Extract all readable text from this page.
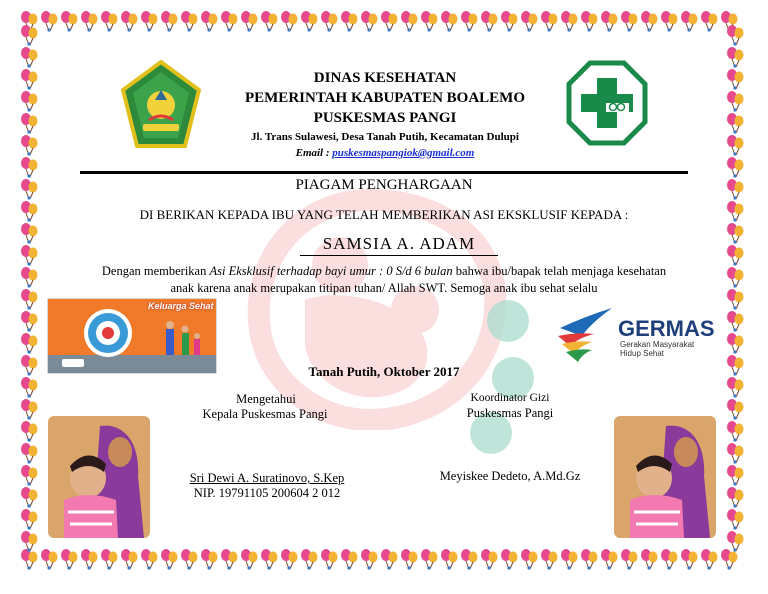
DINAS KESEHATAN
PEMERINTAH KABUPATEN BOALEMO
PUSKESMAS PANGI
Jl. Trans Sulawesi, Desa Tanah Putih, Kecamatan Dulupi
Email : puskesmaspangiok@gmail.com
PIAGAM PENGHARGAAN
DI BERIKAN KEPADA IBU YANG TELAH MEMBERIKAN ASI EKSKLUSIF KEPADA :
SAMSIA A. ADAM
Dengan memberikan Asi Eksklusif terhadap bayi umur : 0 S/d 6 bulan bahwa ibu/bapak telah menjaga kesehatan
anak karena anak merupakan titipan tuhan/ Allah SWT. Semoga anak ibu sehat selalu
Keluarga Sehat
GERMAS
Gerakan Masyarakat
Hidup Sehat
Tanah Putih, Oktober 2017
Mengetahui
Kepala Puskesmas Pangi
Sri Dewi A. Suratinovo, S.Kep
NIP. 19791105 200604 2 012
Koordinator Gizi
Puskesmas Pangi
Meyiskee Dedeto, A.Md.Gz
